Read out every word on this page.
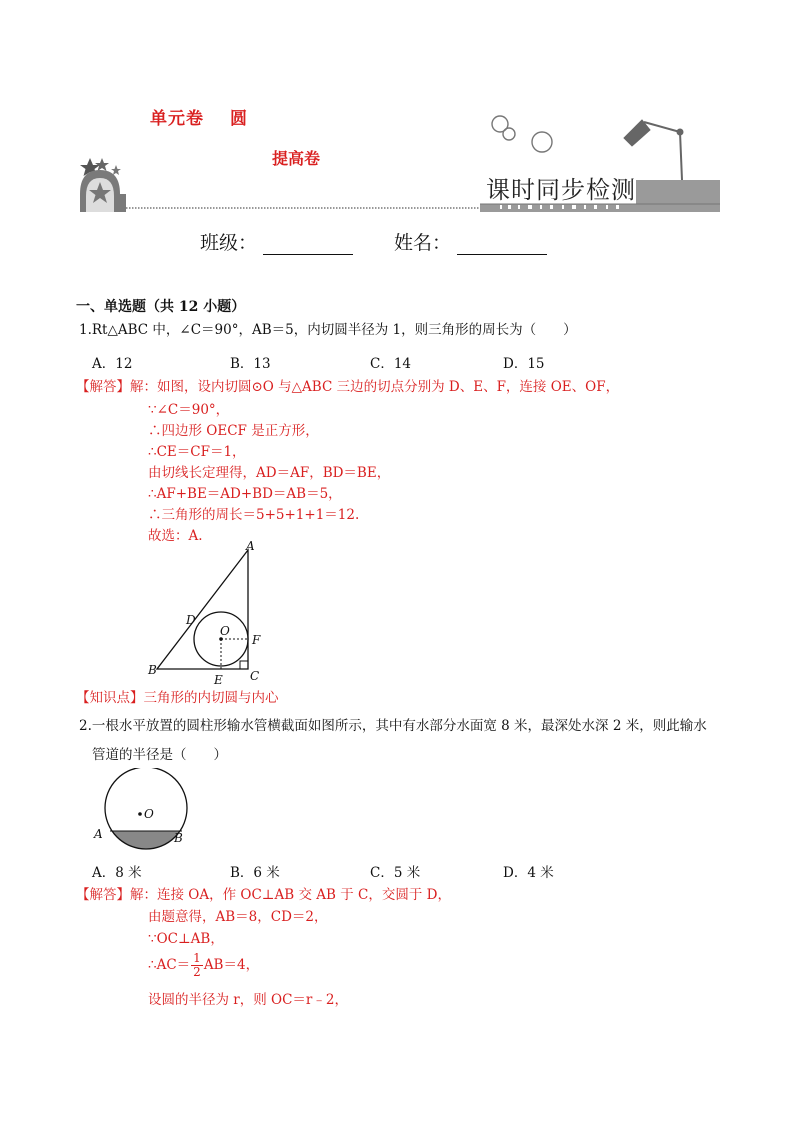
单元卷 圆
提高卷
课时同步检测
班级：	姓名：
一、单选题（共 12 小题）
1.Rt△ABC 中，∠C＝90°，AB＝5，内切圆半径为 1，则三角形的周长为（　　）
A．12	B．13	C．14	D．15
【解答】解：如图，设内切圆⊙O 与△ABC 三边的切点分别为 D、E、F，连接 OE、OF，
∵∠C＝90°，
∴四边形 OECF 是正方形，
∴CE＝CF＝1，
由切线长定理得，AD＝AF，BD＝BE，
∴AF+BE＝AD+BD＝AB＝5，
∴三角形的周长＝5+5+1+1＝12.
故选：A.
A
B	C
D
E
F
O
【知识点】三角形的内切圆与内心
2.一根水平放置的圆柱形输水管横截面如图所示，其中有水部分水面宽 8 米，最深处水深 2 米，则此输水
管道的半径是（　　）
O
A	B
A．8 米	B．6 米	C．5 米	D．4 米
【解答】解：连接 OA，作 OC⊥AB 交 AB 于 C，交圆于 D，
由题意得，AB＝8，CD＝2，
∵OC⊥AB，
∴AC＝ $\frac{1}{2} AB=4$，
设圆的半径为 r，则 OC＝r﹣2，
